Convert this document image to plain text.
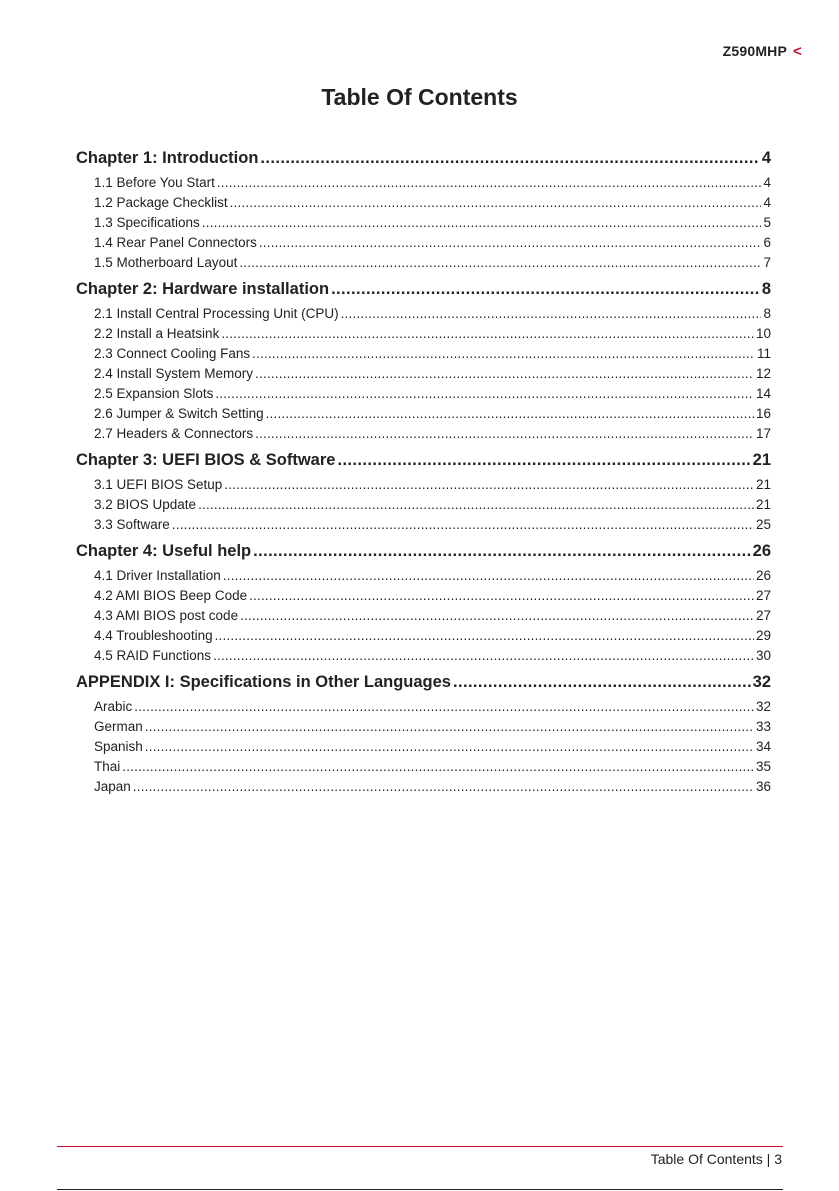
Z590MHP <
Table Of Contents
Chapter 1: Introduction .....	4
1.1 Before You Start .....	4
1.2 Package Checklist .....	4
1.3 Specifications .....	5
1.4 Rear Panel Connectors .....	6
1.5 Motherboard Layout .....	7
Chapter 2: Hardware installation .....	8
2.1 Install Central Processing Unit (CPU) .....	8
2.2 Install a Heatsink .....	10
2.3 Connect Cooling Fans .....	11
2.4 Install System Memory .....	12
2.5 Expansion Slots .....	14
2.6 Jumper & Switch Setting .....	16
2.7 Headers & Connectors .....	17
Chapter 3: UEFI BIOS & Software .....	21
3.1 UEFI BIOS Setup .....	21
3.2 BIOS Update .....	21
3.3 Software .....	25
Chapter 4: Useful help .....	26
4.1 Driver Installation .....	26
4.2 AMI BIOS Beep Code .....	27
4.3 AMI BIOS post code .....	27
4.4 Troubleshooting .....	29
4.5 RAID Functions .....	30
APPENDIX I: Specifications in Other Languages .....	32
Arabic .....	32
German .....	33
Spanish .....	34
Thai .....	35
Japan .....	36
Table Of Contents | 3
